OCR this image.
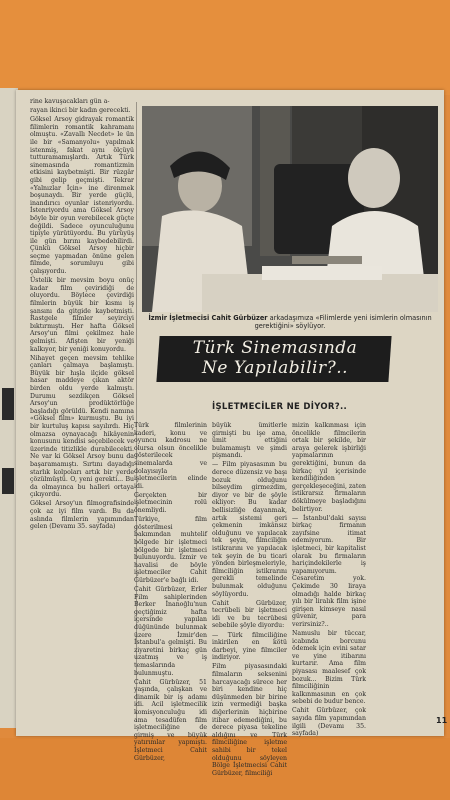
rine kavuşacakları gün a-

rayan ikinci bir kadın gerecekti.

Göksel Arsoy gidrayak romantik filimlerin romantik kahramanı olmuştu. «Zavallı Necdet» le ün ile bir «Samanyolu» yapılmak istenmiş, fakat aynı ölçüyü tutturamamışlardı. Artık Türk sinemasında romantizmin etkisini kaybetmişti. Bir rüzgâr gibi gelip geçmişti. Tekrar «Yalnızlar İçin» ine direnmek boşunaydı. Bir yerde güçlü, inandırıcı oyunlar istenriyordu. İstenriyordu ama Göksel Arsoy böyle bir oyun verebilecek güçte değildi. Sadece oyunculuğunu tipiyle yürütüyordu. Bu yürüyüş ile gün bırını kaybedebilirdi. Çünkü Göksel Arsoy hiçbir seçme yapmadan önüne gelen filmde, sorumluyu gibi çalışıyordu.

Üstelik bir mevsim boyu onüç kadar film çeviridiği de oluyordu. Böylece çevirdiği filmlerin büyük bir kısmı iş şansını da gitgide kaybetmişti. Rastgele filmler seyirciyi bıktırmıştı. Her hafta Göksel Arsoy'un filmi çekilmez hale gelmişti. Afişten bir yeniği kalkıyor, bir yeniği konuyordu.

Nihayet geçen mevsim tehlike çanları çalmaya başlamıştı. Büyük bir hışla ilçide göksel hasar maddeye çıkan aktör birden oldu yerde kalmıştı. Durumu sezdikçen Göksel Arsoy'un prodüktörlüğe başladığı görüldü. Kendi namına «Göksel film» kurmuştu. Bu iyi bir kurtuluş kapısı sayılırdı. Hiç olmazsa oynayacağı hikâyenin konusunu kendisi seçebilecek ve üzerinde titizlikle durabilecekti. Ne var ki Göksel Arsoy bunu da başaramamıştı. Sırtını dayadığı starlık kolpoları artık bir yerde çözülmüştü. O, yeni gerekti... Bu da olmayınca bu halleri ortaya çıkıyordu.

Göksel Arsoy'un filmografisinde çok az iyi film vardı. Bu da aslında filmlerin yapımından gelen (Devamı 35. sayfada)

İzmir İşletmecisi Cahit Gürbüzer arkadaşımıza «Filimlerde yeni isimlerin olmasının gerektiğini» söylüyor.
Türk Sinemasında
Ne Yapılabilir?..
İŞLETMECİLER NE DİYOR?..

Türk filmlerinin kaderi, konu ve oyuncu kadrosu ne olursa olsun öncelikle gösterilecek sinemalarda ve dolayısıyla işletmecilerin elinde idi.

Gerçekten bir işletmecinin rolü önemliydi.

Türkiye, film gösterilmesi bakımından muhtelif bölgede bir işletmeci bölgede bir işletmeci bulunuyordu. İzmir ve havalisi de böyle işletmeciler Cahit Gürbüzer'e bağlı idi.

Cahit Gürbüzer, Erler Film sahiplerinden Berker İnanoğlu'nun geçtiğimiz hafta içersinde yapılan düğününde bulunmak üzere İzmir'den İstanbul'a gelmişti. Bu ziyaretini birkaç gün uzatmış ve iş temaslarında bulunmuştu.

Cahit Gürbüzer, 51 yaşında, çalışkan ve dinamik bir iş adamı idi. Acil işletmecilik komisyonculuğu idi ama tesadüfen film işletmeciliğine de girmiş ve büyük yatırımlar yapmıştı. İşletmeci Cahit Gürbüzer,

büyük ümitlerle girmişti bu işe ama, ümit ettiğini bulamamıştı ve şimdi pişmandı.

— Film piyasasının bu derece düzensiz ve başı bozuk olduğunu bilseydim girmezdim, diyor ve bir de şöyle ekliyor: Bu kadar bellisizliğe dayanmak, artık sistemi geri çekmenin imkânsız olduğunu ve yapılacak tek şeyin, filmciliğin istikrarını ve yapılacak tek şeyin de bu ticari yönden birleşmeleriyle, filmciliğin istikrarını gerekli temelinde bulunmak olduğunu söylüyordu.

Cahit Gürbüzer, tecrübeli bir işletmeci idi ve bu tecrübesi sebebile şöyle diyordu:

— Türk filmciliğine inkirilen en kötü darbeyi, yine filmciler indiriyor.

Film piyasasındaki filmaların seksenini harcayacağı sürece her biri kendine hiç düşünmeden bir birine izin vermediği başka diğerlerinin hiçbirine itibar edemediğini, bu derece piyasa tekeline aldığını ve Türk filmciliğine işletme sahibi bir tekel olduğunu söyleyen Bölge İşletmecisi Cahit Gürbüzer, filmciliği

mizin kalkınması için öncelikle filmcilerin ortak bir şekilde, bir araya gelerek işbirliği yapmalarının gerektiğini, bunun da birkaç yıl içerisinde kendiliğinden gerçekleşeceğini, zaten istikrarsız firmaların dökülmeye başladığını belirtiyor.

— İstanbul'daki sayısı birkaç firmanın zayıfsine itimat edemiyorum. Bir işletmeci, bir kapitalist olarak bu firmaların hariçindekilerle iş yapamıyorum. Cesaretim yok. Çekimde 30 liraya olmadığı halde birkaç yılı bir liralık film işine girişen kimseye nasıl güvenir, para verirsiniz?..

Namuslu bir tüccar, icabında borcunu ödemek için evini satar ve yine itibarını kurtarır. Ama film piyasası maalesef çok bozuk... Bizim Türk filmciliğinin kalkınmasının en çok sebebi de budur bence.

Cahit Gürbüzer, çok sayıda film yapımından ilgili (Devamı 35. sayfada)

11
